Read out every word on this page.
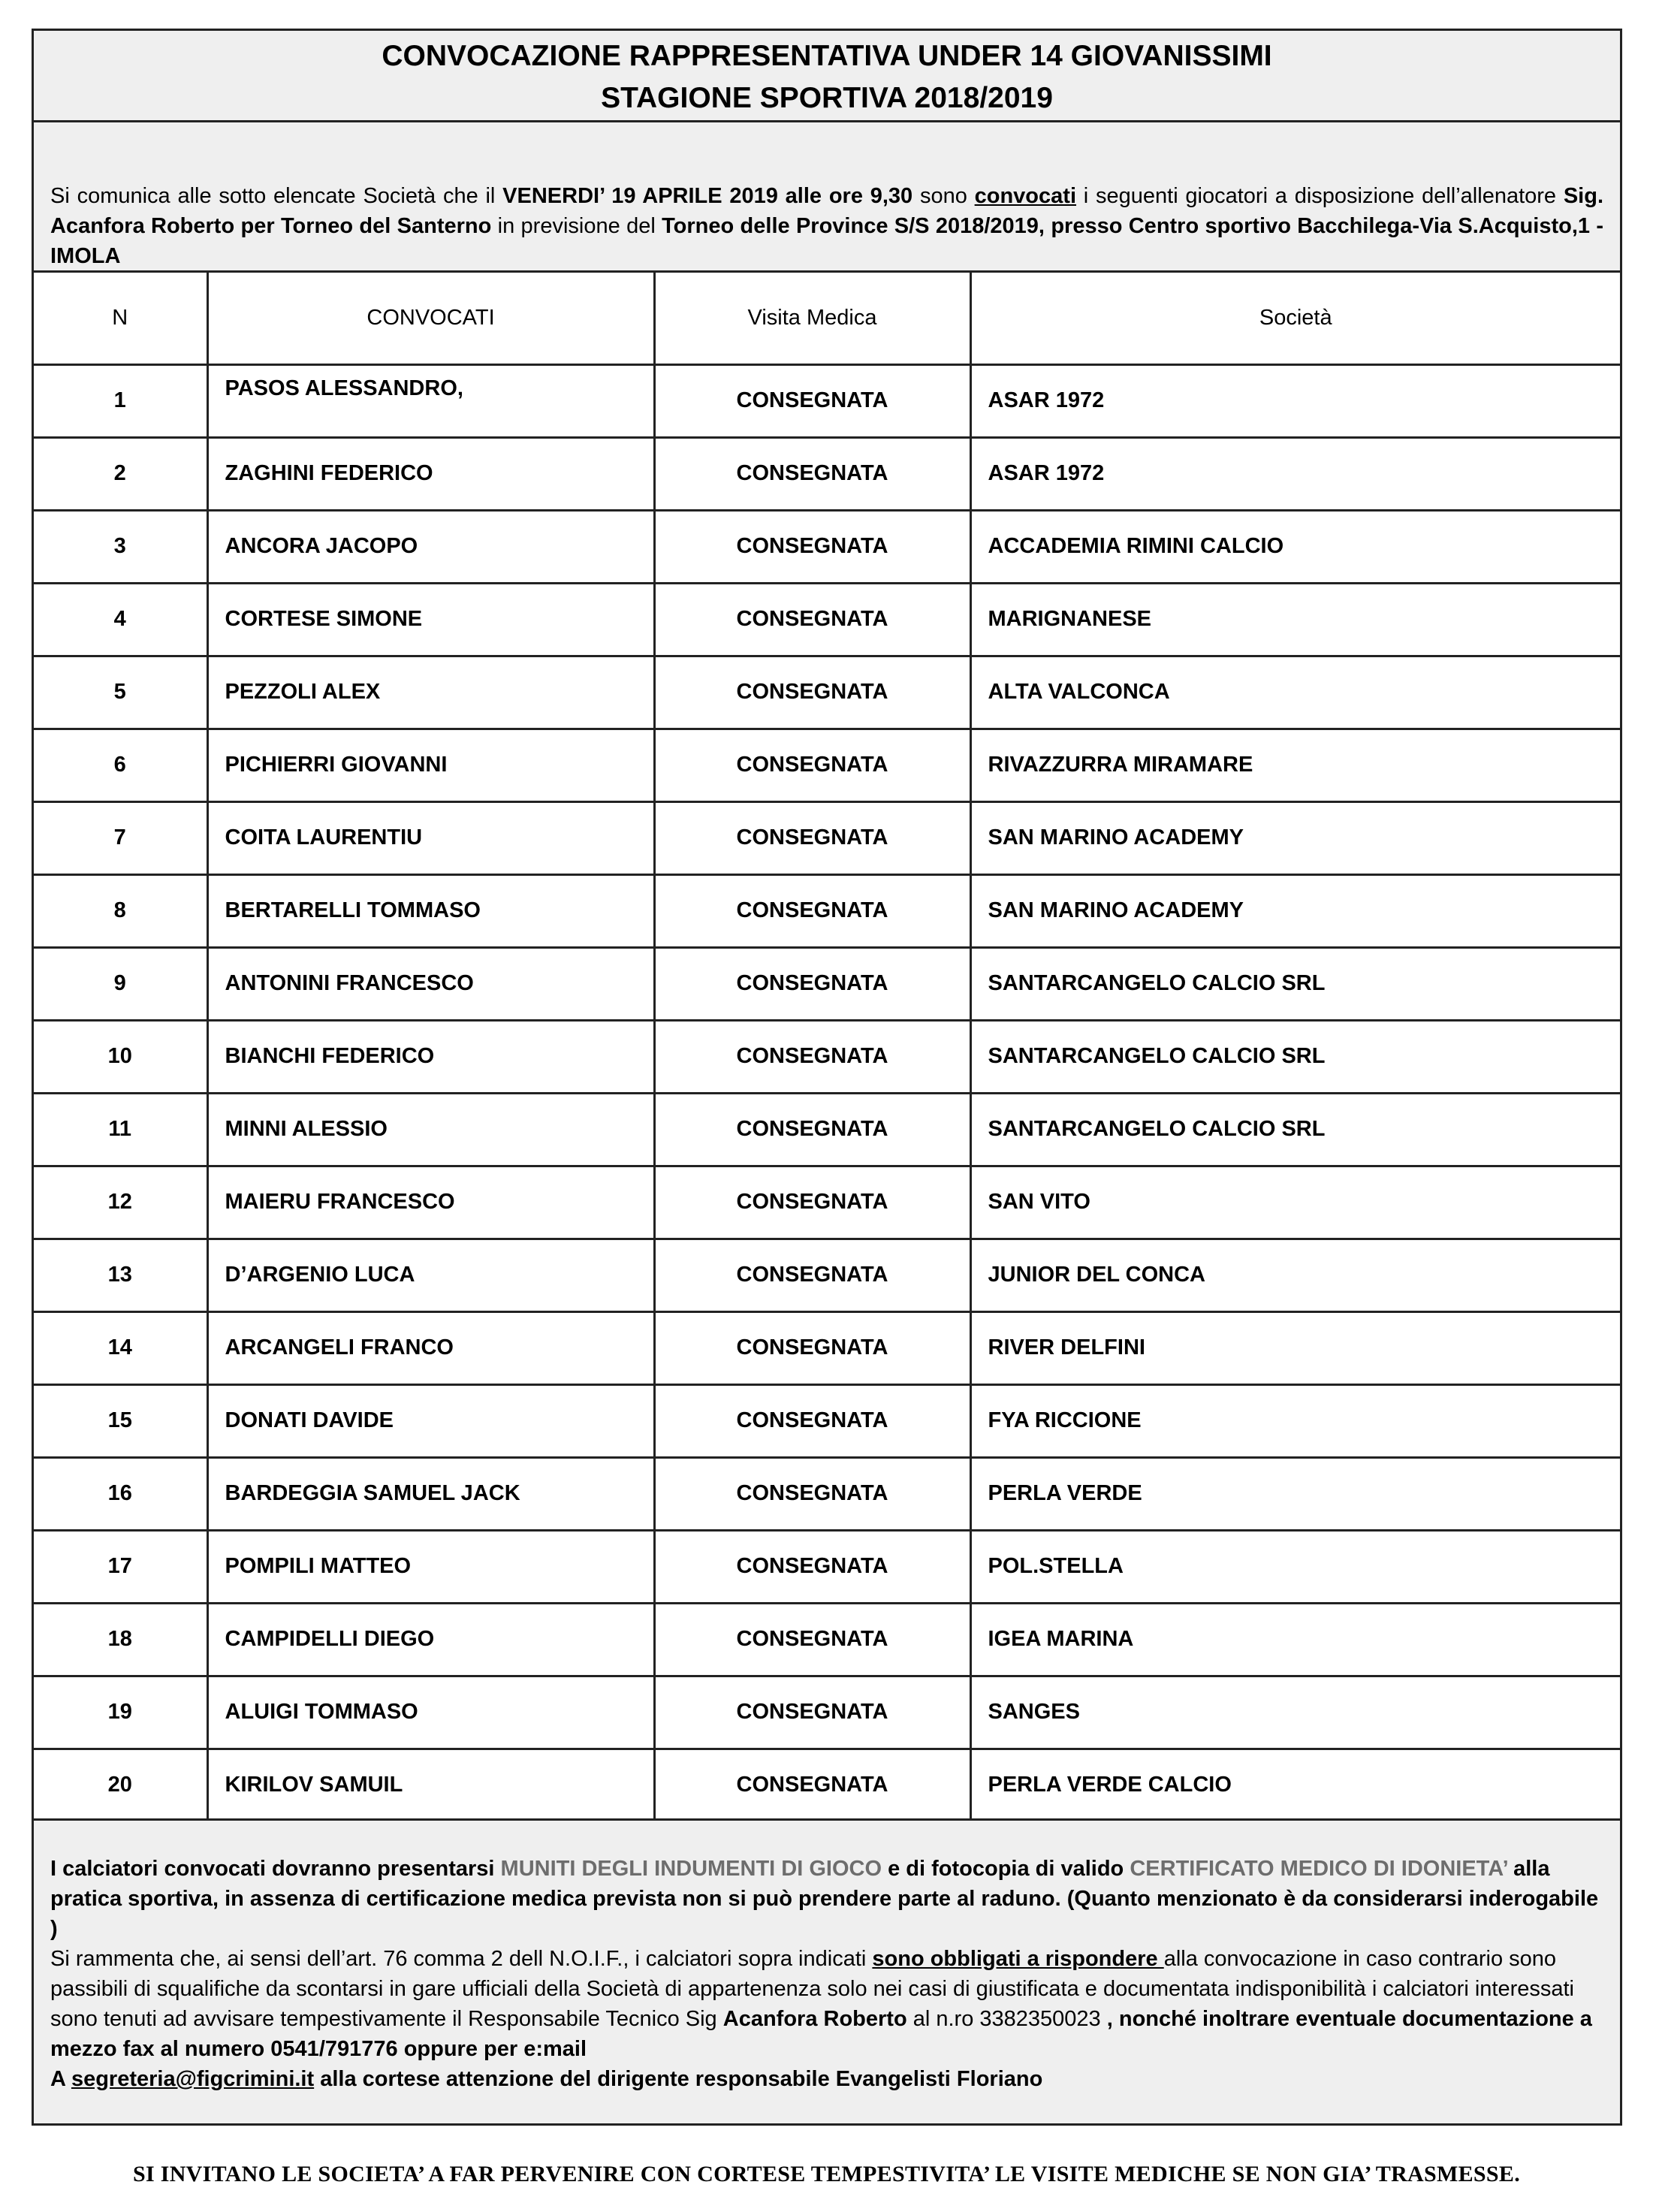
CONVOCAZIONE RAPPRESENTATIVA UNDER 14 GIOVANISSIMI
STAGIONE SPORTIVA 2018/2019
Si comunica alle sotto elencate Società che il VENERDI’ 19 APRILE 2019 alle ore 9,30 sono convocati i seguenti giocatori a disposizione dell’allenatore Sig. Acanfora Roberto per Torneo del Santerno in previsione del Torneo delle Province S/S 2018/2019, presso Centro sportivo Bacchilega-Via S.Acquisto,1 - IMOLA
N	CONVOCATI	Visita Medica	Società
1	PASOS ALESSANDRO,	CONSEGNATA	ASAR 1972
2	ZAGHINI FEDERICO	CONSEGNATA	ASAR 1972
3	ANCORA JACOPO	CONSEGNATA	ACCADEMIA RIMINI CALCIO
4	CORTESE SIMONE	CONSEGNATA	MARIGNANESE
5	PEZZOLI ALEX	CONSEGNATA	ALTA VALCONCA
6	PICHIERRI GIOVANNI	CONSEGNATA	RIVAZZURRA MIRAMARE
7	COITA LAURENTIU	CONSEGNATA	SAN MARINO ACADEMY
8	BERTARELLI TOMMASO	CONSEGNATA	SAN MARINO ACADEMY
9	ANTONINI FRANCESCO	CONSEGNATA	SANTARCANGELO CALCIO SRL
10	BIANCHI FEDERICO	CONSEGNATA	SANTARCANGELO CALCIO SRL
11	MINNI ALESSIO	CONSEGNATA	SANTARCANGELO CALCIO SRL
12	MAIERU FRANCESCO	CONSEGNATA	SAN VITO
13	D’ARGENIO LUCA	CONSEGNATA	JUNIOR DEL CONCA
14	ARCANGELI FRANCO	CONSEGNATA	RIVER DELFINI
15	DONATI DAVIDE	CONSEGNATA	FYA RICCIONE
16	BARDEGGIA SAMUEL JACK	CONSEGNATA	PERLA VERDE
17	POMPILI MATTEO	CONSEGNATA	POL.STELLA
18	CAMPIDELLI DIEGO	CONSEGNATA	IGEA MARINA
19	ALUIGI TOMMASO	CONSEGNATA	SANGES
20	KIRILOV SAMUIL	CONSEGNATA	PERLA VERDE CALCIO

I calciatori convocati dovranno presentarsi MUNITI DEGLI INDUMENTI DI GIOCO e di fotocopia di valido CERTIFICATO MEDICO DI IDONIETA’ alla pratica sportiva, in assenza di certificazione medica prevista non si può prendere parte al raduno. (Quanto menzionato è da considerarsi inderogabile )

Si rammenta che, ai sensi dell’art. 76 comma 2 dell N.O.I.F., i calciatori sopra indicati sono obbligati a rispondere alla convocazione in caso contrario sono passibili di squalifiche da scontarsi in gare ufficiali della Società di appartenenza solo nei casi di giustificata e documentata indisponibilità i calciatori interessati sono tenuti ad avvisare tempestivamente il Responsabile Tecnico Sig Acanfora Roberto al n.ro 3382350023 , nonché inoltrare eventuale documentazione a mezzo fax al numero 0541/791776 oppure per e:mail

A segreteria@figcrimini.it alla cortese attenzione del dirigente responsabile Evangelisti Floriano

SI INVITANO LE SOCIETA’ A FAR PERVENIRE CON CORTESE TEMPESTIVITA’ LE VISITE MEDICHE SE NON GIA’ TRASMESSE.
